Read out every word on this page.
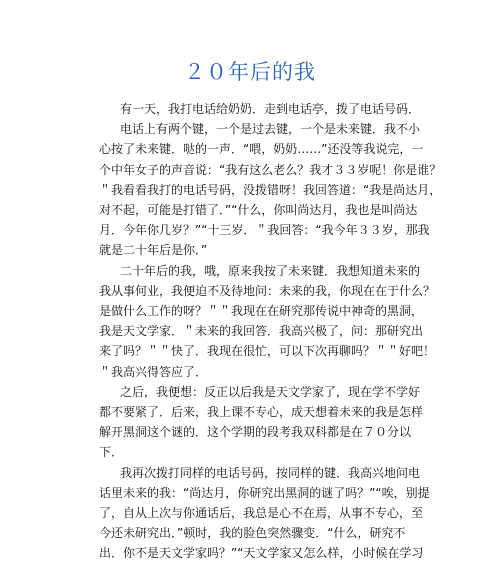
２０年后的我
有一天，我打电话给奶奶．走到电话亭，拨了电话号码．
电话上有两个键，一个是过去键，一个是未来键．我不小
心按了未来键．哒的一声．“喂，奶奶……”还没等我说完，一
个中年女子的声音说：“我有这么老么？我才３３岁呢！你是谁？
＂我看看我打的电话号码，没拨错呀！我回答道：“我是尚达月，
对不起，可能是打错了．”“什么，你叫尚达月，我也是叫尚达
月．今年你几岁？”“十三岁．＂我回答：“我今年３３岁，那我
就是二十年后是你．”
二十年后的我，哦，原来我按了未来键．我想知道未来的
我从事何业，我便迫不及待地问：未来的我，你现在在于什么？
是做什么工作的呀？＂＂我现在在研究那传说中神奇的黑洞，
我是天文学家．＂未来的我回答．我高兴极了，问：那研究出
来了吗？＂＂快了．我现在很忙，可以下次再聊吗？＂＂好吧！
＂我高兴得答应了．
之后，我便想：反正以后我是天文学家了，现在学不学好
都不要紧了．后来，我上课不专心，成天想着未来的我是怎样
解开黑洞这个谜的．这个学期的段考我双科都是在７０分以
下．
我再次拨打同样的电话号码，按同样的键．我高兴地问电
话里未来的我：“尚达月，你研究出黑洞的谜了吗？”“唉，别提
了，自从上次与你通话后，我总是心不在焉，从事不专心，至
今还未研究出．”顿时，我的脸色突然骤变．“什么，研究不
出．你不是天文学家吗？”“天文学家又怎么样，小时候在学习
